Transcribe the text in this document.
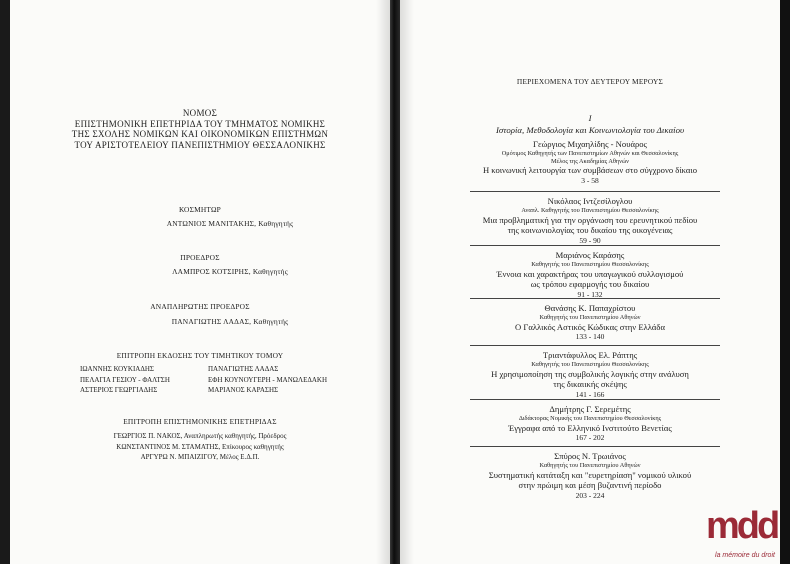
ΝΟΜΟΣ
ΕΠΙΣΤΗΜΟΝΙΚΗ ΕΠΕΤΗΡΙΔΑ ΤΟΥ ΤΜΗΜΑΤΟΣ ΝΟΜΙΚΗΣ
ΤΗΣ ΣΧΟΛΗΣ ΝΟΜΙΚΩΝ ΚΑΙ ΟΙΚΟΝΟΜΙΚΩΝ ΕΠΙΣΤΗΜΩΝ
ΤΟΥ ΑΡΙΣΤΟΤΕΛΕΙΟΥ ΠΑΝΕΠΙΣΤΗΜΙΟΥ ΘΕΣΣΑΛΟΝΙΚΗΣ
ΚΟΣΜΗΤΩΡ
ΑΝΤΩΝΙΟΣ ΜΑΝΙΤΑΚΗΣ, Καθηγητής
ΠΡΟΕΔΡΟΣ
ΛΑΜΠΡΟΣ ΚΟΤΣΙΡΗΣ, Καθηγητής
ΑΝΑΠΛΗΡΩΤΗΣ ΠΡΟΕΔΡΟΣ
ΠΑΝΑΓΙΩΤΗΣ ΛΑΔΑΣ, Καθηγητής
ΕΠΙΤΡΟΠΗ ΕΚΔΟΣΗΣ ΤΟΥ ΤΙΜΗΤΙΚΟΥ ΤΟΜΟΥ
ΙΩΑΝΝΗΣ ΚΟΥΚΙΑΔΗΣ
ΠΕΛΑΓΙΑ ΓΕΣΙΟΥ - ΦΑΛΤΣΗ
ΑΣΤΕΡΙΟΣ ΓΕΩΡΓΙΑΔΗΣ
ΠΑΝΑΓΙΩΤΗΣ ΛΑΔΑΣ
ΕΦΗ ΚΟΥΝΟΥΓΕΡΗ - ΜΑΝΩΛΕΔΑΚΗ
ΜΑΡΙΑΝΟΣ ΚΑΡΑΣΗΣ
ΕΠΙΤΡΟΠΗ ΕΠΙΣΤΗΜΟΝΙΚΗΣ ΕΠΕΤΗΡΙΔΑΣ
ΓΕΩΡΓΙΟΣ Π. ΝΑΚΟΣ, Αναπληρωτής καθηγητής, Πρόεδρος
ΚΩΝΣΤΑΝΤΙΝΟΣ Μ. ΣΤΑΜΑΤΗΣ, Επίκουρος καθηγητής
ΑΡΓΥΡΩ Ν. ΜΠΑΙΖΙΓΟΥ, Μέλος Ε.Δ.Π.
ΠΕΡΙΕΧΟΜΕΝΑ ΤΟΥ ΔΕΥΤΕΡΟΥ ΜΕΡΟΥΣ
I
Ιστορία, Μεθοδολογία και Κοινωνιολογία του Δικαίου
Γεώργιος Μιχαηλίδης - Νουάρος
Ομότιμος Καθηγητής των Πανεπιστημίων Αθηνών και Θεσσαλονίκης
Μέλος της Ακαδημίας Αθηνών
Η κοινωνική λειτουργία των συμβάσεων στο σύγχρονο δίκαιο
3 - 58
Νικόλαος Ιντζεσίλογλου
Αναπλ. Καθηγητής του Πανεπιστημίου Θεσσαλονίκης
Μια προβληματική για την οργάνωση του ερευνητικού πεδίου
της κοινωνιολογίας του δικαίου της οικογένειας
59 - 90
Μαριάνος Καράσης
Καθηγητής του Πανεπιστημίου Θεσσαλονίκης
Έννοια και χαρακτήρας του υπαγωγικού συλλογισμού
ως τρόπου εφαρμογής του δικαίου
91 - 132
Θανάσης Κ. Παπαχρίστου
Καθηγητής του Πανεπιστημίου Αθηνών
Ο Γαλλικός Αστικός Κώδικας στην Ελλάδα
133 - 140
Τριαντάφυλλος Ελ. Ράπτης
Καθηγητής του Πανεπιστημίου Θεσσαλονίκης
Η χρησιμοποίηση της συμβολικής λογικής στην ανάλυση
της δικαιικής σκέψης
141 - 166
Δημήτρης Γ. Σερεμέτης
Διδάκτορας Νομικής του Πανεπιστημίου Θεσσαλονίκης
Έγγραφα από το Ελληνικό Ινστιτούτο Βενετίας
167 - 202
Σπύρος Ν. Τρωιάνος
Καθηγητής του Πανεπιστημίου Αθηνών
Συστηματική κατάταξη και "ευρετηρίαση" νομικού υλικού
στην πρώιμη και μέση βυζαντινή περίοδο
203 - 224
mdd
la mémoire du droit
